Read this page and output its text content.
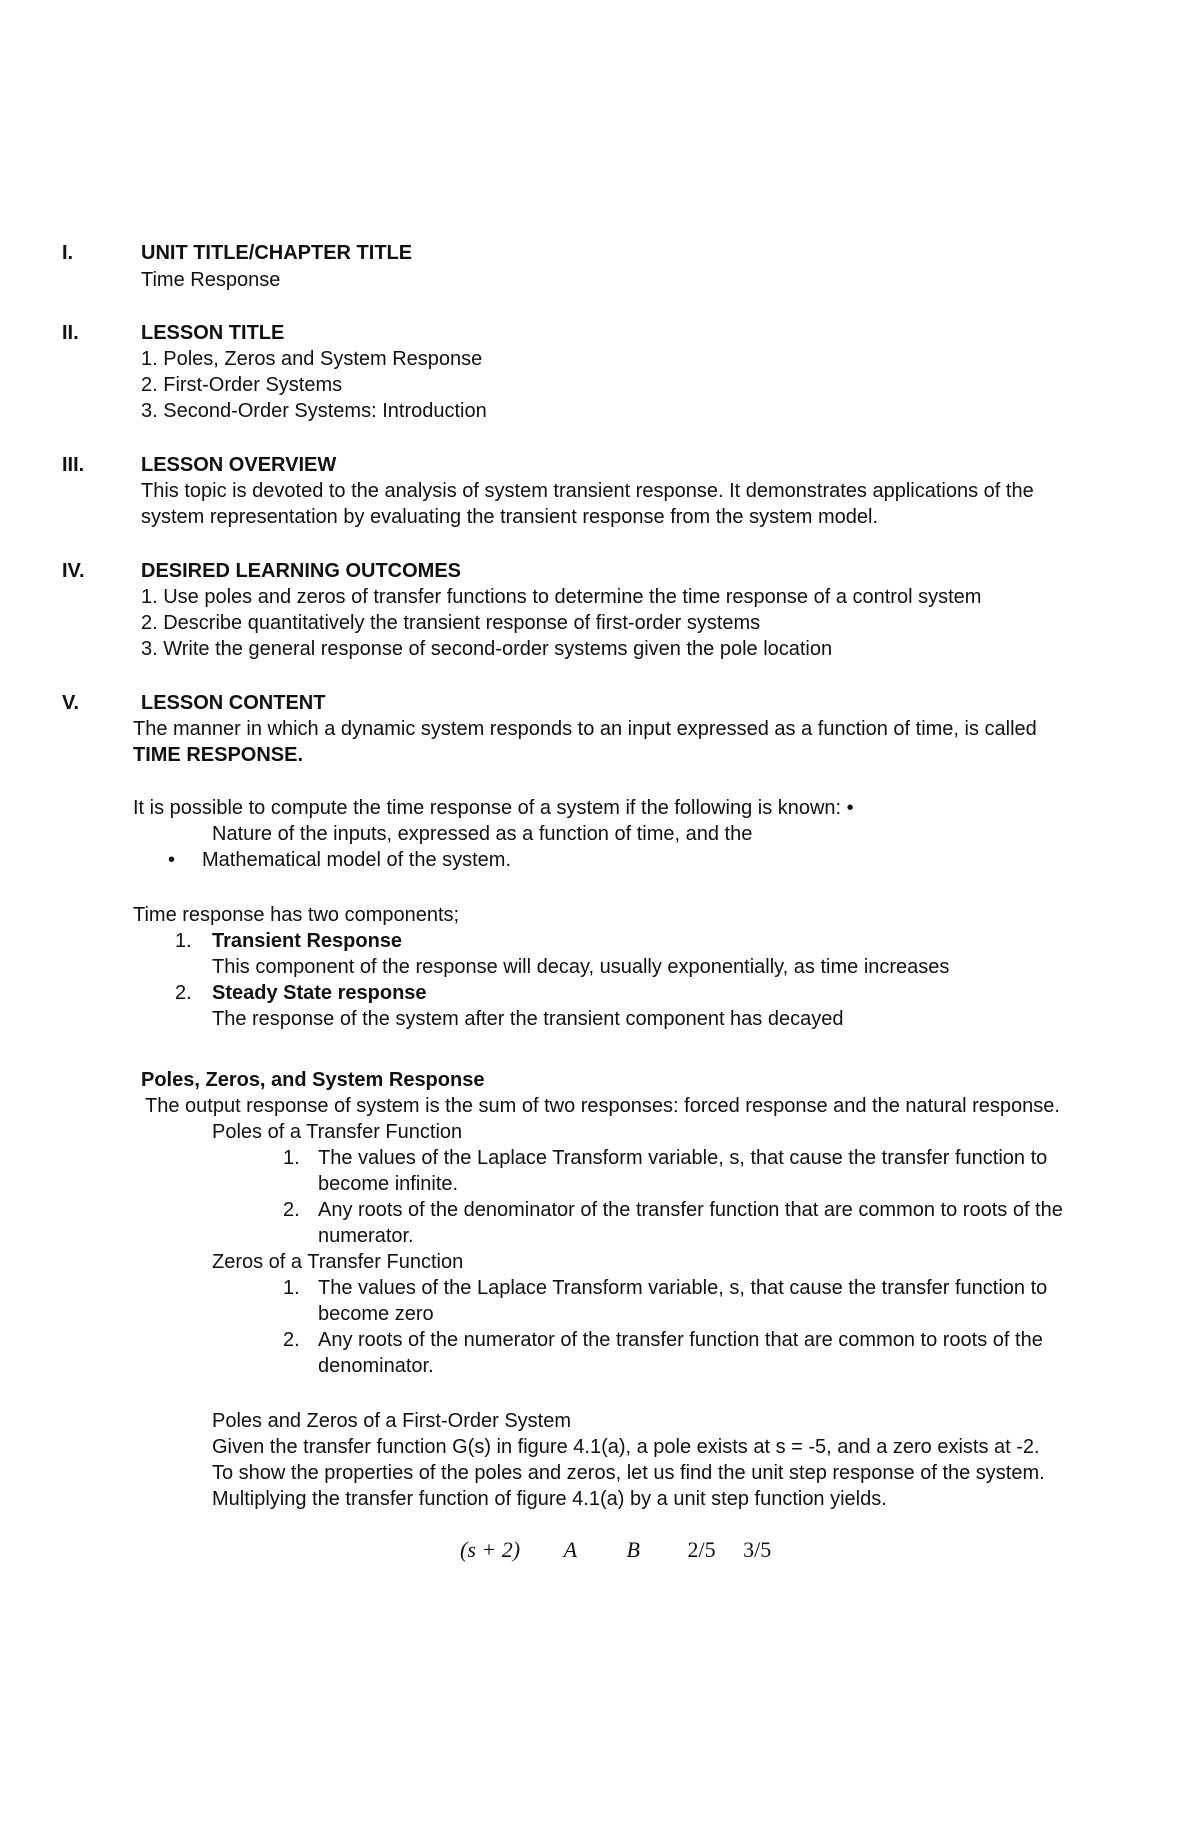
I.	UNIT TITLE/CHAPTER TITLE
Time Response
II.	LESSON TITLE
1. Poles, Zeros and System Response
2. First-Order Systems
3. Second-Order Systems: Introduction
III.	LESSON OVERVIEW
This topic is devoted to the analysis of system transient response. It demonstrates applications of the
system representation by evaluating the transient response from the system model.
IV.	DESIRED LEARNING OUTCOMES
1. Use poles and zeros of transfer functions to determine the time response of a control system
2. Describe quantitatively the transient response of first-order systems
3. Write the general response of second-order systems given the pole location
V.	LESSON CONTENT
The manner in which a dynamic system responds to an input expressed as a function of time, is called
TIME RESPONSE.
It is possible to compute the time response of a system if the following is known: •
Nature of the inputs, expressed as a function of time, and the
• Mathematical model of the system.
Time response has two components;
1. Transient Response
This component of the response will decay, usually exponentially, as time increases
2. Steady State response
The response of the system after the transient component has decayed
Poles, Zeros, and System Response
The output response of system is the sum of two responses: forced response and the natural response.
Poles of a Transfer Function
1. The values of the Laplace Transform variable, s, that cause the transfer function to
become infinite.
2. Any roots of the denominator of the transfer function that are common to roots of the
numerator.
Zeros of a Transfer Function
1. The values of the Laplace Transform variable, s, that cause the transfer function to
become zero
2. Any roots of the numerator of the transfer function that are common to roots of the
denominator.
Poles and Zeros of a First-Order System
Given the transfer function G(s) in figure 4.1(a), a pole exists at s = -5, and a zero exists at -2.
To show the properties of the poles and zeros, let us find the unit step response of the system.
Multiplying the transfer function of figure 4.1(a) by a unit step function yields.
(s + 2) A B 2/5 3/5
